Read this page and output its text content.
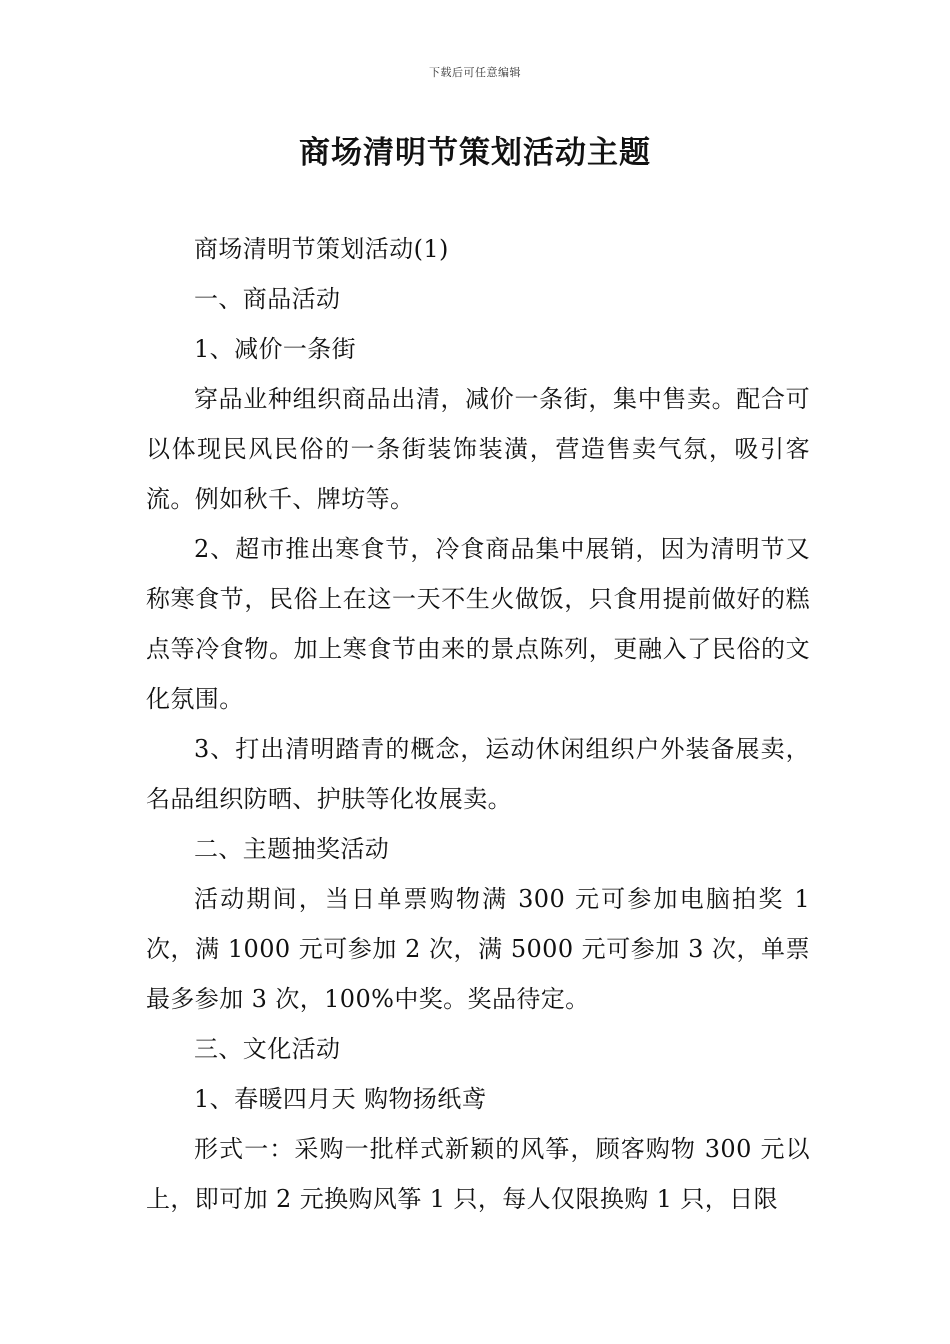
下载后可任意编辑
商场清明节策划活动主题

商场清明节策划活动(1)

一、商品活动

1、减价一条街

穿品业种组织商品出清，减价一条街，集中售卖。配合可以体现民风民俗的一条街装饰装潢，营造售卖气氛，吸引客流。例如秋千、牌坊等。

2、超市推出寒食节，冷食商品集中展销，因为清明节又称寒食节，民俗上在这一天不生火做饭，只食用提前做好的糕点等冷食物。加上寒食节由来的景点陈列，更融入了民俗的文化氛围。

3、打出清明踏青的概念，运动休闲组织户外装备展卖，名品组织防晒、护肤等化妆展卖。

二、主题抽奖活动

活动期间，当日单票购物满 300 元可参加电脑拍奖 1 次，满 1000 元可参加 2 次，满 5000 元可参加 3 次，单票最多参加 3 次，100%中奖。奖品待定。

三、文化活动

1、春暖四月天 购物扬纸鸢

形式一：采购一批样式新颖的风筝，顾客购物 300 元以上，即可加 2 元换购风筝 1 只，每人仅限换购 1 只，日限
